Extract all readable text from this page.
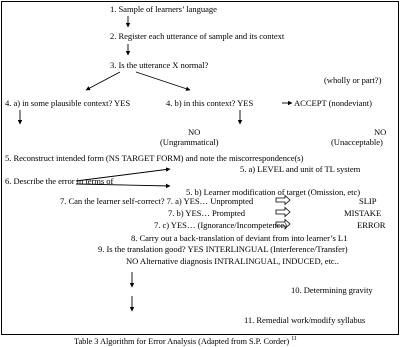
1. Sample of learners’ language
2. Register each utterance of sample and its context
3. Is the utterance X normal?
(wholly or part?)
4. a) in some plausible context? YES	4. b) in this context? YES	ACCEPT (nondeviant)
NO
(Ungrammatical)
NO
(Unacceptable)
5. Reconstruct intended form (NS TARGET FORM) and note the miscorrespondence(s)
5. a) LEVEL and unit of TL system
6. Describe the error in terms of
5. b) Learner modification of target (Omission, etc)
7. Can the learner self-correct? 7. a) YES… Unprompted	SLIP
7. b) YES… Prompted	MISTAKE
7. c) YES… (Ignorance/Incompetence)	ERROR
8. Carry out a back-translation of deviant from into learner’s L1
9. Is the translation good? YES INTERLINGUAL (Interference/Transfer)
NO Alternative diagnosis INTRALINGUAL, INDUCED, etc..
10. Determining gravity
11. Remedial work/modify syllabus
Table 3 Algorithm for Error Analysis (Adapted from S.P. Corder) $^{11}$
